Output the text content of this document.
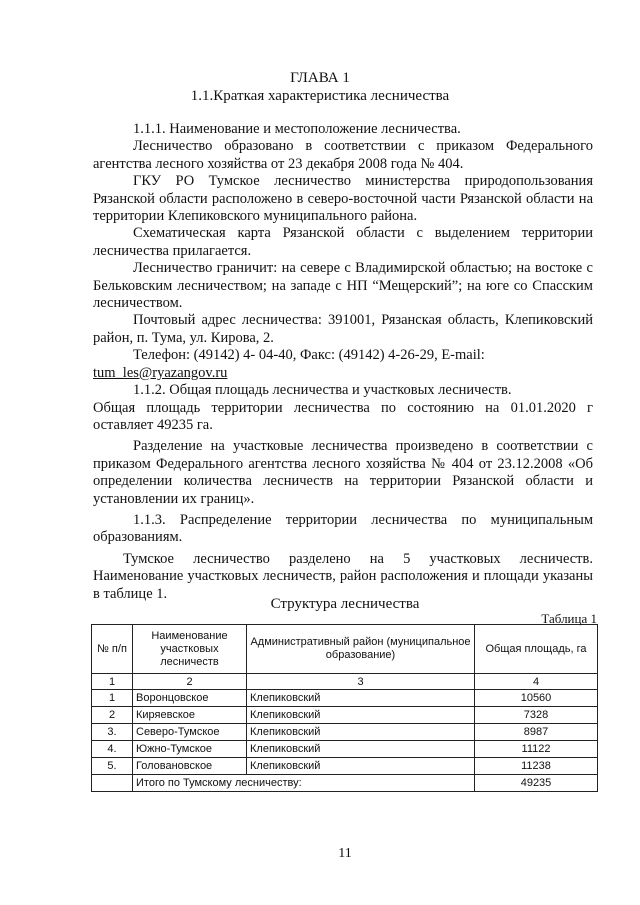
ГЛАВА 1
1.1.Краткая характеристика лесничества

1.1.1. Наименование и местоположение лесничества.

Лесничество образовано в соответствии с приказом Федерального агентства лесного хозяйства от 23 декабря 2008 года № 404.

ГКУ РО Тумское лесничество министерства природопользования Рязанской области расположено в северо-восточной части Рязанской области на территории Клепиковского муниципального района.

Схематическая карта Рязанской области с выделением территории лесничества прилагается.

Лесничество граничит: на севере с Владимирской областью; на востоке с Бельковским лесничеством; на западе с НП “Мещерский”; на юге со Спасским лесничеством.

Почтовый адрес лесничества: 391001, Рязанская область, Клепиковский район, п. Тума, ул. Кирова, 2.

Телефон: (49142) 4- 04-40, Факс: (49142) 4-26-29, E-mail:
tum_les@ryazangov.ru

1.1.2. Общая площадь лесничества и участковых лесничеств.

Общая площадь территории лесничества по состоянию на 01.01.2020 г оставляет 49235 га.

Разделение на участковые лесничества произведено в соответствии с приказом Федерального агентства лесного хозяйства № 404 от 23.12.2008 «Об определении количества лесничеств на территории Рязанской области и установлении их границ».

1.1.3. Распределение территории лесничества по муниципальным образованиям.

Тумское лесничество разделено на 5 участковых лесничеств. Наименование участковых лесничеств, район расположения и площади указаны в таблице 1.

Структура лесничества
Таблица 1
№ п/п	Наименование участковых лесничеств	Административный район (муниципальное образование)	Общая площадь, га
1	2	3	4
1	Воронцовское	Клепиковский	10560
2	Киряевское	Клепиковский	7328
3.	Северо-Тумское	Клепиковский	8987
4.	Южно-Тумское	Клепиковский	11122
5.	Головановское	Клепиковский	11238
	Итого по Тумскому лесничеству:		49235
11
